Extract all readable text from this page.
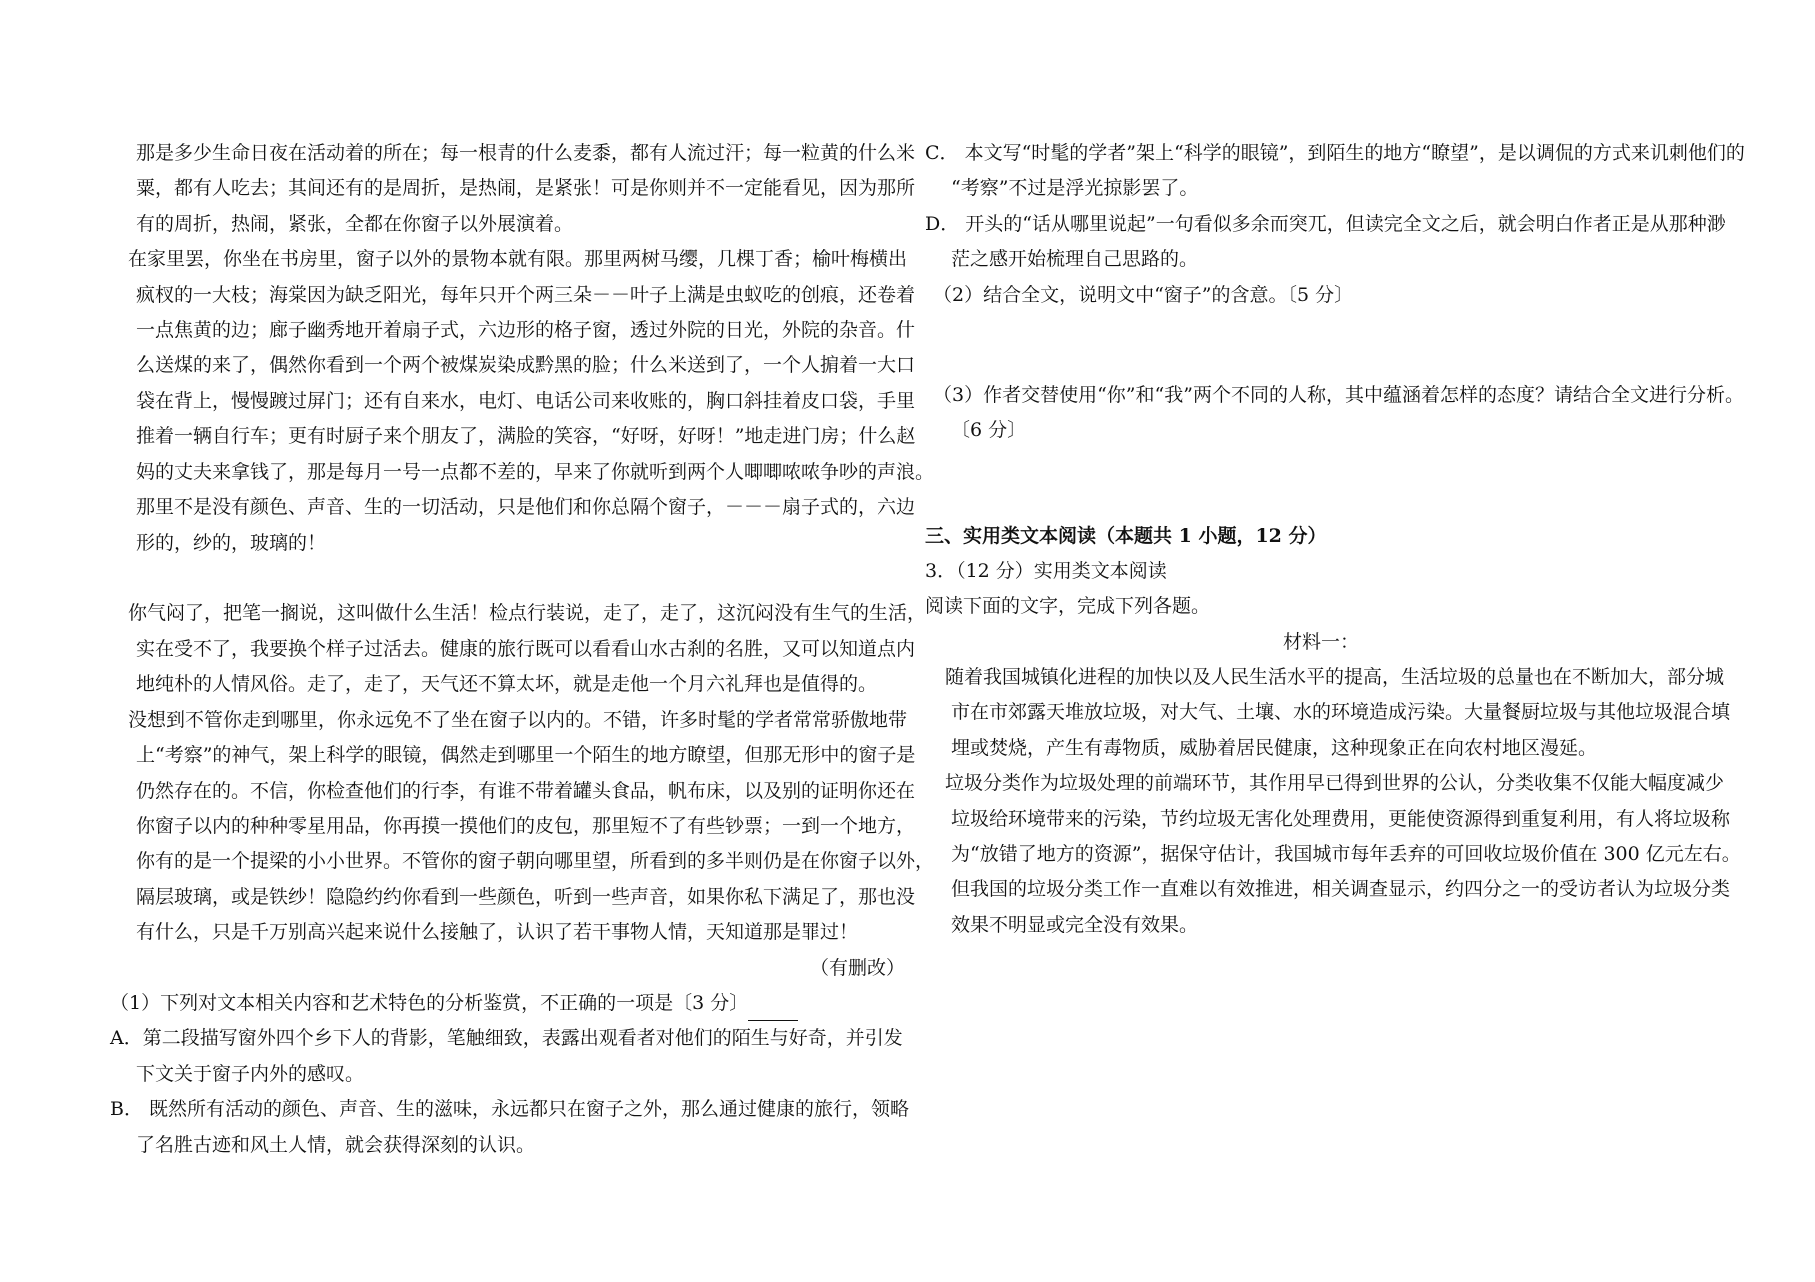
那是多少生命日夜在活动着的所在；每一根青的什么麦黍，都有人流过汗；每一粒黄的什么米
粟，都有人吃去；其间还有的是周折，是热闹，是紧张！可是你则并不一定能看见，因为那所
有的周折，热闹，紧张，全都在你窗子以外展演着。
在家里罢，你坐在书房里，窗子以外的景物本就有限。那里两树马缨，几棵丁香；榆叶梅横出
疯杈的一大枝；海棠因为缺乏阳光，每年只开个两三朵－－叶子上满是虫蚁吃的创痕，还卷着
一点焦黄的边；廊子幽秀地开着扇子式，六边形的格子窗，透过外院的日光，外院的杂音。什
么送煤的来了，偶然你看到一个两个被煤炭染成黔黑的脸；什么米送到了，一个人掮着一大口
袋在背上，慢慢踱过屏门；还有自来水，电灯、电话公司来收账的，胸口斜挂着皮口袋，手里
推着一辆自行车；更有时厨子来个朋友了，满脸的笑容，“好呀，好呀！”地走进门房；什么赵
妈的丈夫来拿钱了，那是每月一号一点都不差的，早来了你就听到两个人唧唧哝哝争吵的声浪。
那里不是没有颜色、声音、生的一切活动，只是他们和你总隔个窗子，－－－扇子式的，六边
形的，纱的，玻璃的！
你气闷了，把笔一搁说，这叫做什么生活！检点行装说，走了，走了，这沉闷没有生气的生活，
实在受不了，我要换个样子过活去。健康的旅行既可以看看山水古刹的名胜，又可以知道点内
地纯朴的人情风俗。走了，走了，天气还不算太坏，就是走他一个月六礼拜也是值得的。
没想到不管你走到哪里，你永远免不了坐在窗子以内的。不错，许多时髦的学者常常骄傲地带
上“考察”的神气，架上科学的眼镜，偶然走到哪里一个陌生的地方瞭望，但那无形中的窗子是
仍然存在的。不信，你检查他们的行李，有谁不带着罐头食品，帆布床，以及别的证明你还在
你窗子以内的种种零星用品，你再摸一摸他们的皮包，那里短不了有些钞票；一到一个地方，
你有的是一个提梁的小小世界。不管你的窗子朝向哪里望，所看到的多半则仍是在你窗子以外，
隔层玻璃，或是铁纱！隐隐约约你看到一些颜色，听到一些声音，如果你私下满足了，那也没
有什么，只是千万别高兴起来说什么接触了，认识了若干事物人情，天知道那是罪过！
（有删改）
（1）下列对文本相关内容和艺术特色的分析鉴赏，不正确的一项是〔3 分〕
A．第二段描写窗外四个乡下人的背影，笔触细致，表露出观看者对他们的陌生与好奇，并引发
下文关于窗子内外的感叹。
B． 既然所有活动的颜色、声音、生的滋味，永远都只在窗子之外，那么通过健康的旅行，领略
了名胜古迹和风土人情，就会获得深刻的认识。
C． 本文写“时髦的学者”架上“科学的眼镜”，到陌生的地方“瞭望”，是以调侃的方式来讥刺他们的
“考察”不过是浮光掠影罢了。
D． 开头的“话从哪里说起”一句看似多余而突兀，但读完全文之后，就会明白作者正是从那种渺
茫之感开始梳理自己思路的。
（2）结合全文，说明文中“窗子”的含意。〔5 分〕
（3）作者交替使用“你”和“我”两个不同的人称，其中蕴涵着怎样的态度？请结合全文进行分析。
〔6 分〕
三、实用类文本阅读（本题共 1 小题，12 分）
3．（12 分）实用类文本阅读
阅读下面的文字，完成下列各题。
材料一：
随着我国城镇化进程的加快以及人民生活水平的提高，生活垃圾的总量也在不断加大，部分城
市在市郊露天堆放垃圾，对大气、土壤、水的环境造成污染。大量餐厨垃圾与其他垃圾混合填
埋或焚烧，产生有毒物质，威胁着居民健康，这种现象正在向农村地区漫延。
垃圾分类作为垃圾处理的前端环节，其作用早已得到世界的公认，分类收集不仅能大幅度减少
垃圾给环境带来的污染，节约垃圾无害化处理费用，更能使资源得到重复利用，有人将垃圾称
为“放错了地方的资源”，据保守估计，我国城市每年丢弃的可回收垃圾价值在 300 亿元左右。
但我国的垃圾分类工作一直难以有效推进，相关调查显示，约四分之一的受访者认为垃圾分类
效果不明显或完全没有效果。
